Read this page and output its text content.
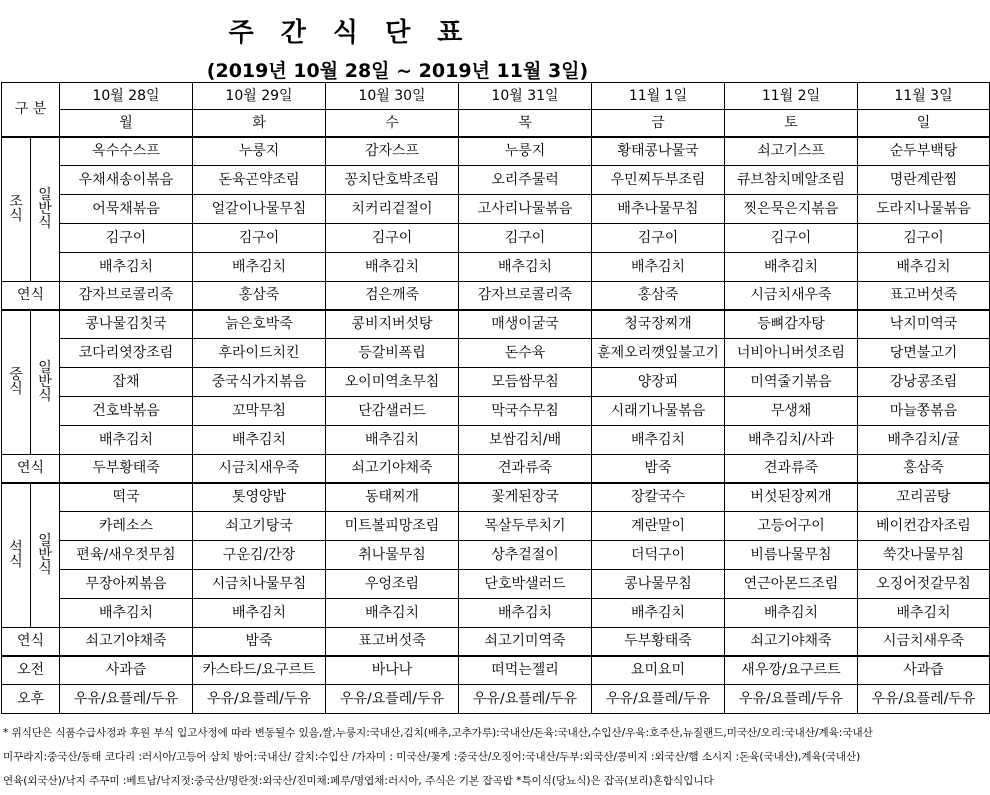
주 간 식 단 표
(2019년 10월 28일 ~ 2019년 11월 3일)
구 분		10월 28일	10월 29일	10월 30일	10월 31일	11월 1일	11월 2일	11월 3일
		월	화	수	목	금	토	일
조
식	일
반
식	옥수수스프	누룽지	감자스프	누룽지	황태콩나물국	쇠고기스프	순두부백탕
		우채새송이볶음	돈육곤약조림	꽁치단호박조림	오리주물럭	우민찌두부조림	큐브참치메알조림	명란계란찜
		어묵채볶음	얼갈이나물무침	치커리겉절이	고사리나물볶음	배추나물무침	찟은묵은지볶음	도라지나물볶음
		김구이	김구이	김구이	김구이	김구이	김구이	김구이
		배추김치	배추김치	배추김치	배추김치	배추김치	배추김치	배추김치
연식		감자브로콜리죽	홍삼죽	검은깨죽	감자브로콜리죽	홍삼죽	시금치새우죽	표고버섯죽
중
식	일
반
식	콩나물김칫국	늙은호박죽	콩비지버섯탕	매생이굴국	청국장찌개	등뼈감자탕	낙지미역국
		코다리엿장조림	후라이드치킨	등갈비폭립	돈수육	훈제오리깻잎불고기	너비아니버섯조림	당면불고기
		잡채	중국식가지볶음	오이미역초무침	모듬쌈무침	양장피	미역줄기볶음	강낭콩조림
		건호박볶음	꼬막무침	단감샐러드	막국수무침	시래기나물볶음	무생채	마늘쫑볶음
		배추김치	배추김치	배추김치	보쌈김치/배	배추김치	배추김치/사과	배추김치/귤
연식		두부황태죽	시금치새우죽	쇠고기야채죽	견과류죽	밤죽	견과류죽	홍삼죽
석
식	일
반
식	떡국	톳영양밥	동태찌개	꽃게된장국	장칼국수	버섯된장찌개	꼬리곰탕
		카레소스	쇠고기탕국	미트볼피망조림	목살두루치기	계란말이	고등어구이	베이컨감자조림
		편육/새우젓무침	구운김/간장	취나물무침	상추겉절이	더덕구이	비름나물무침	쑥갓나물무침
		무장아찌볶음	시금치나물무침	우엉조림	단호박샐러드	콩나물무침	연근아몬드조림	오징어젓갈무침
		배추김치	배추김치	배추김치	배추김치	배추김치	배추김치	배추김치
연식		쇠고기야채죽	밤죽	표고버섯죽	쇠고기미역죽	두부황태죽	쇠고기야채죽	시금치새우죽
오전		사과즙	카스타드/요구르트	바나나	떠먹는젤리	요미요미	새우깡/요구르트	사과즙
오후		우유/요플레/두유	우유/요플레/두유	우유/요플레/두유	우유/요플레/두유	우유/요플레/두유	우유/요플레/두유	우유/요플레/두유
* 위식단은 식품수급사정과 후원 부식 입고사정에 따라 변동될수 있음,쌀,누룽지:국내산,김치(배추,고추가루):국내산/돈육:국내산,수입산/우육:호주산,뉴질랜드,미국산/오리:국내산/계육:국내산
미꾸라지:중국산/동태 코다리 :러시아/고등어 삼치 방어:국내산/ 갈치:수입산 /가자미 : 미국산/꽃게 :중국산/오징어:국내산/두부:외국산/콩비지 :외국산/햄 소시지 :돈육(국내산),계육(국내산)
연육(외국산)/낙지 주꾸미 :베트남/낙지젓:중국산/명란젓:외국산/진미채:페루/명엽채:러시아, 주식은 기본 잡곡밥 *특이식(당뇨식)은 잡곡(보리)혼합식입니다
